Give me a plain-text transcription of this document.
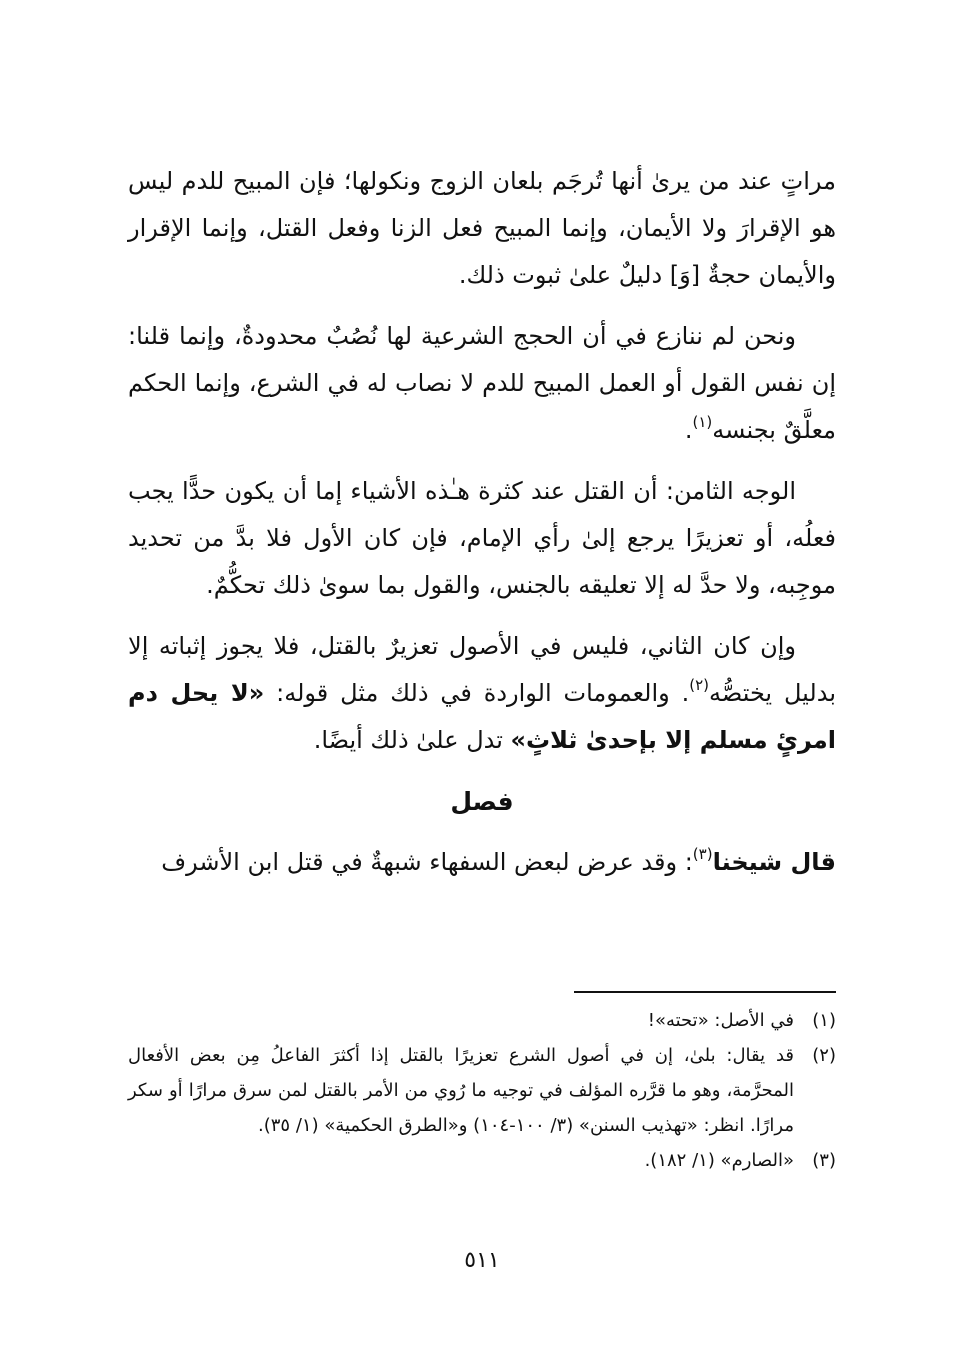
مراتٍ عند من يرىٰ أنها تُرجَم بلعان الزوج ونكولها؛ فإن المبيح للدم ليس هو الإقرارَ ولا الأيمان، وإنما المبيح فعل الزنا وفعل القتل، وإنما الإقرار والأيمان حجةٌ [وَ] دليلٌ علىٰ ثبوت ذلك.

ونحن لم ننازع في أن الحجج الشرعية لها نُصُبٌ محدودةٌ، وإنما قلنا: إن نفس القول أو العمل المبيح للدم لا نصاب له في الشرع، وإنما الحكم معلَّقٌ بجنسه$^{(١)}$.

الوجه الثامن: أن القتل عند كثرة هـٰذه الأشياء إما أن يكون حدًّا يجب فعلُه، أو تعزيرًا يرجع إلىٰ رأي الإمام، فإن كان الأول فلا بدَّ من تحديد موجِبه، ولا حدَّ له إلا تعليقه بالجنس، والقول بما سوىٰ ذلك تحكُّمٌ.

وإن كان الثاني، فليس في الأصول تعزيرٌ بالقتل، فلا يجوز إثباته إلا بدليل يختصُّه$^{(٢)}$. والعمومات الواردة في ذلك مثل قوله: «لا يحل دم امرئٍ مسلم إلا بإحدىٰ ثلاثٍ» تدل علىٰ ذلك أيضًا.

فصل

قال شيخنا$^{(٣)}$: وقد عرض لبعض السفهاء شبهةٌ في قتل ابن الأشرف

(١)
في الأصل: «تحته»!
(٢)
قد يقال: بلىٰ، إن في أصول الشرع تعزيرًا بالقتل إذا أكثرَ الفاعلُ مِن بعض الأفعال المحرَّمة، وهو ما قرَّره المؤلف في توجيه ما رُوي من الأمر بالقتل لمن سرق مرارًا أو سكر مرارًا. انظر: «تهذيب السنن» (٣/ ١٠٠-١٠٤) و«الطرق الحكمية» (١/ ٣٥).
(٣)
«الصارم» (١/ ١٨٢).
٥١١
